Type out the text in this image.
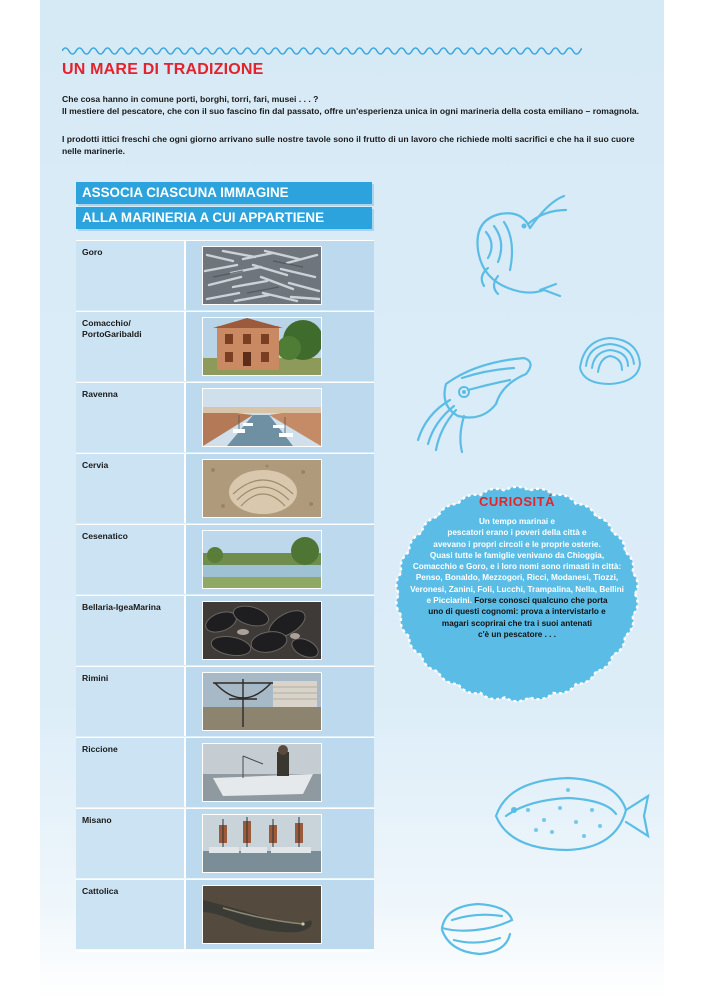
UN MARE DI TRADIZIONE
Che cosa hanno in comune porti, borghi, torri, fari, musei . . . ?
Il mestiere del pescatore, che con il suo fascino fin dal passato, offre un'esperienza unica in ogni marineria della costa emiliano – romagnola.
I prodotti ittici freschi che ogni giorno arrivano sulle nostre tavole sono il frutto di un lavoro che richiede molti sacrifici e che ha il suo cuore nelle marinerie.
ASSOCIA CIASCUNA IMMAGINE
ALLA MARINERIA A CUI APPARTIENE
Goro
Comacchio/ PortoGaribaldi
Ravenna
Cervia
Cesenatico
Bellaria-IgeaMarina
Rimini
Riccione
Misano
Cattolica
CURIOSITÁ
Un tempo marinai e
pescatori erano i poveri della città e
avevano i propri circoli e le proprie osterie.
Quasi tutte le famiglie venivano da Chioggia,
Comacchio e Goro, e i loro nomi sono rimasti in città:
Penso, Bonaldo, Mezzogori, Ricci, Modanesi, Tiozzi,
Veronesi, Zanini, Foli, Lucchi, Trampalina, Nella, Bellini
e Picciarini. Forse conosci qualcuno che porta
uno di questi cognomi: prova a intervistarlo e
magari scoprirai che tra i suoi antenati
c'è un pescatore . . .
